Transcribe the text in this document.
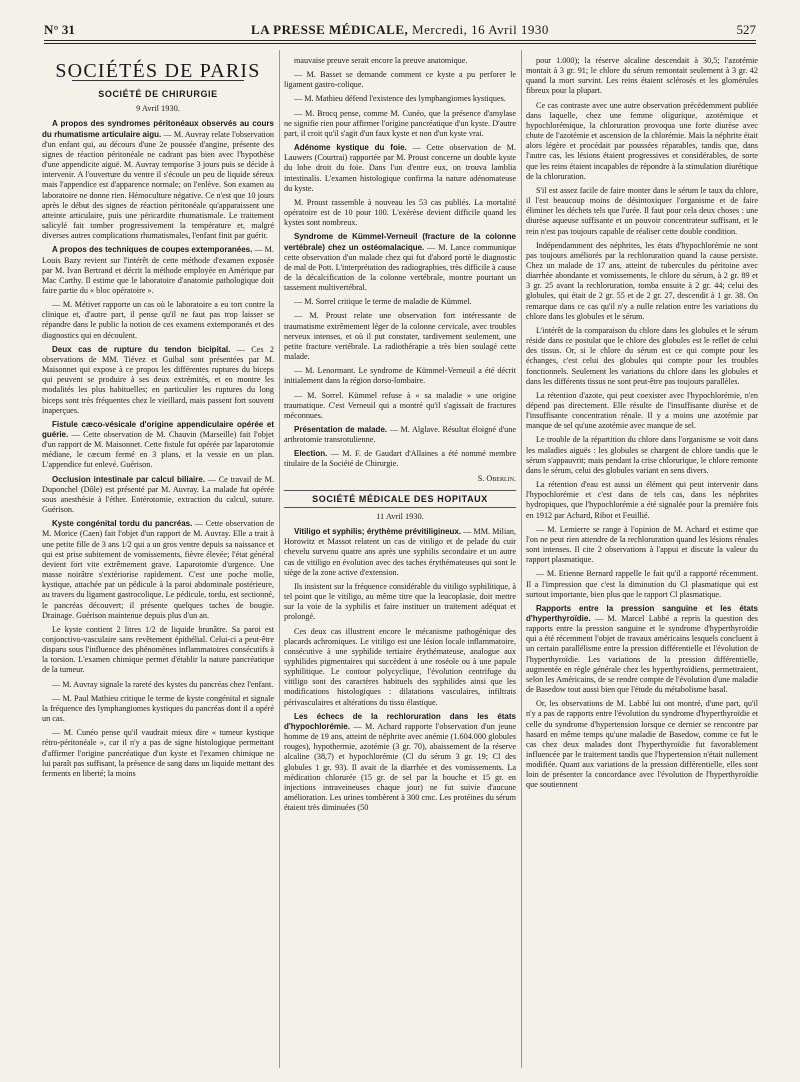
N° 31	LA PRESSE MÉDICALE, Mercredi, 16 Avril 1930	527
SOCIÉTÉS DE PARIS
SOCIÉTÉ DE CHIRURGIE
9 Avril 1930.

A propos des syndromes péritonéaux observés au cours du rhumatisme articulaire aigu. — M. Auvray relate l'observation d'un enfant qui, au décours d'une 2e poussée d'angine, présente des signes de réaction péritonéale ne cadrant pas bien avec l'hypothèse d'une appendicite aiguë. M. Auvray temporise 3 jours puis se décide à intervenir. A l'ouverture du ventre il s'écoule un peu de liquide séreux mais l'appendice est d'apparence normale; on l'enlève. Son examen au laboratoire ne donne rien. Hémoculture négative. Ce n'est que 10 jours après le début des signes de réaction péritonéale qu'apparaissent une atteinte articulaire, puis une péricardite rhumatismale. Le traitement salicylé fait tomber progressivement la température et, malgré diverses autres complications rhumatismales, l'enfant finit par guérir.

A propos des techniques de coupes extemporanées. — M. Louis Bazy revient sur l'intérêt de cette méthode d'examen exposée par M. Ivan Bertrand et décrit la méthode employée en Amérique par Mac Carthy. Il estime que le laboratoire d'anatomie pathologique doit faire partie du « bloc opératoire ».

— M. Métivet rapporte un cas où le laboratoire a eu tort contre la clinique et, d'autre part, il pense qu'il ne faut pas trop laisser se répandre dans le public la notion de ces examens extemporanés et des diagnostics qui en découlent.

Deux cas de rupture du tendon bicipital. — Ces 2 observations de MM. Tiévez et Guibal sont présentées par M. Maisonnet qui expose à ce propos les différentes ruptures du biceps qui peuvent se produire à ses deux extrémités, et en montre les modalités les plus habituelles; en particulier les ruptures du long biceps sont très fréquentes chez le vieillard, mais passent fort souvent inaperçues.

Fistule cæco-vésicale d'origine appendiculaire opérée et guérie. — Cette observation de M. Chauvin (Marseille) fait l'objet d'un rapport de M. Maisonnet. Cette fistule fut opérée par laparotomie médiane, le cæcum fermé en 3 plans, et la vessie en un plan. L'appendice fut enlevé. Guérison.

Occlusion intestinale par calcul biliaire. — Ce travail de M. Duponchel (Dôle) est présenté par M. Auvray. La malade fut opérée sous anesthésie à l'éther. Entérotomie, extraction du calcul, suture. Guérison.

Kyste congénital tordu du pancréas. — Cette observation de M. Morice (Caen) fait l'objet d'un rapport de M. Auvray. Elle a trait à une petite fille de 3 ans 1/2 qui a un gros ventre depuis sa naissance et qui est prise subitement de vomissements, fièvre élevée; l'état général devient fort vite extrêmement grave. Laparotomie d'urgence. Une masse noirâtre s'extériorise rapidement. C'est une poche molle, kystique, attachée par un pédicule à la paroi abdominale postérieure, au travers du ligament gastrocolique. Le pédicule, tordu, est sectionné, le pancréas découvert; il présente quelques taches de bougie. Drainage. Guérison maintenue depuis plus d'un an.

Le kyste contient 2 litres 1/2 de liquide brunâtre. Sa paroi est conjonctivo-vasculaire sans revêtement épithélial. Celui-ci a peut-être disparu sous l'influence des phénomènes inflammatoires consécutifs à la torsion. L'examen chimique permet d'établir la nature pancréatique de la tumeur.

— M. Auvray signale la rareté des kystes du pancréas chez l'enfant.

— M. Paul Mathieu critique le terme de kyste congénital et signale la fréquence des lymphangiomes kystiques du pancréas dont il a opéré un cas.

— M. Cunéo pense qu'il vaudrait mieux dire « tumeur kystique rétro-péritonéale », car il n'y a pas de signe histologique permettant d'affirmer l'origine pancréatique d'un kyste et l'examen chimique ne lui paraît pas suffisant, la présence de sang dans un liquide mettant des ferments en liberté; la moins

mauvaise preuve serait encore la preuve anatomique.

— M. Basset se demande comment ce kyste a pu perforer le ligament gastro-colique.

— M. Mathieu défend l'existence des lymphangiomes kystiques.

— M. Brocq pense, comme M. Cunéo, que la présence d'amylase ne signifie rien pour affirmer l'origine pancréatique d'un kyste. D'autre part, il croit qu'il s'agit d'un faux kyste et non d'un kyste vrai.

Adénome kystique du foie. — Cette observation de M. Lauwers (Courtrai) rapportée par M. Proust concerne un double kyste du lobe droit du foie. Dans l'un d'entre eux, on trouva lamblia intestinalis. L'examen histologique confirma la nature adénomateuse du kyste.

M. Proust rassemble à nouveau les 53 cas publiés. La mortalité opératoire est de 10 pour 100. L'exérèse devient difficile quand les kystes sont nombreux.

Syndrome de Kümmel-Verneuil (fracture de la colonne vertébrale) chez un ostéomalacique. — M. Lance communique cette observation d'un malade chez qui fut d'abord porté le diagnostic de mal de Pott. L'interprétation des radiographies, très difficile à cause de la décalcification de la colonne vertébrale, montre pourtant un tassement multivertébral.

— M. Sorrel critique le terme de maladie de Kümmel.

— M. Proust relate une observation fort intéressante de traumatisme extrêmement léger de la colonne cervicale, avec troubles nerveux intenses, et où il put constater, tardivement seulement, une petite fracture vertébrale. La radiothérapie a très bien soulagé cette malade.

— M. Lenormant. Le syndrome de Kümmel-Verneuil a été décrit initialement dans la région dorso-lombaire.

— M. Sorrel. Kümmel refuse à « sa maladie » une origine traumatique. C'est Verneuil qui a montré qu'il s'agissait de fractures méconnues.

Présentation de malade. — M. Alglave. Résultat éloigné d'une arthrotomie transrotulienne.

Election. — M. F. de Gaudart d'Allaines a été nommé membre titulaire de la Société de Chirurgie.

S. Oberlin.
SOCIÉTÉ MÉDICALE DES HOPITAUX
11 Avril 1930.

Vitiligo et syphilis; érythème prévitiligineux. — MM. Milian, Horowitz et Massot relatent un cas de vitiligo et de pelade du cuir chevelu survenu quatre ans après une syphilis secondaire et un autre cas de vitiligo en évolution avec des taches érythémateuses qui sont le siège de la zone active d'extension.

Ils insistent sur la fréquence considérable du vitiligo syphilitique, à tel point que le vitiligo, au même titre que la leucoplasie, doit mettre sur la voie de la syphilis et faire instituer un traitement adéquat et prolongé.

Ces deux cas illustrent encore le mécanisme pathogénique des placards achromiques. Le vitiligo est une lésion locale inflammatoire, consécutive à une syphilide tertiaire érythémateuse, analogue aux syphilides pigmentaires qui succèdent à une roséole ou à une papule syphilitique. Le contour polycyclique, l'évolution centrifuge du vitiligo sont des caractères habituels des syphilides ainsi que les modifications histologiques : dilatations vasculaires, infiltrats périvasculaires et altérations du tissu élastique.

Les échecs de la rechloruration dans les états d'hypochlorémie. — M. Achard rapporte l'observation d'un jeune homme de 19 ans, atteint de néphrite avec anémie (1.604.000 globules rouges), hypothermie, azotémie (3 gr. 70), abaissement de la réserve alcaline (38,7) et hypochlorémie (Cl du sérum 3 gr. 19; Cl des globules 1 gr. 93). Il avait de la diarrhée et des vomissements. La médication chlorurée (15 gr. de sel par la bouche et 15 gr. en injections intraveineuses chaque jour) ne fut suivie d'aucune amélioration. Les urines tombèrent à 300 cmc. Les protéines du sérum étaient très diminuées (50

pour 1.000); la réserve alcaline descendait à 30,5; l'azotémie montait à 3 gr. 91; le chlore du sérum remontait seulement à 3 gr. 42 quand la mort survint. Les reins étaient sclérosés et les glomérules fibreux pour la plupart.

Ce cas contraste avec une autre observation précédemment publiée dans laquelle, chez une femme oligurique, azotémique et hypochlorémique, la chloruration provoqua une forte diurèse avec chute de l'azotémie et ascension de la chlorémie. Mais la néphrite était alors légère et procédait par poussées réparables, tandis que, dans l'autre cas, les lésions étaient progressives et considérables, de sorte que les reins étaient incapables de répondre à la stimulation diurétique de la chloruration.

S'il est assez facile de faire monter dans le sérum le taux du chlore, il l'est beaucoup moins de désintoxiquer l'organisme et de faire éliminer les déchets tels que l'urée. Il faut pour cela deux choses : une diurèse aqueuse suffisante et un pouvoir concentrateur suffisant, et le rein n'est pas toujours capable de réaliser cette double condition.

Indépendamment des néphrites, les états d'hypochlorémie ne sont pas toujours améliorés par la rechloruration quand la cause persiste. Chez un malade de 17 ans, atteint de tubercules du péritoine avec diarrhée abondante et vomissements, le chlore du sérum, à 2 gr. 89 et 3 gr. 25 avant la rechloruration, tomba ensuite à 2 gr. 44; celui des globules, qui était de 2 gr. 55 et de 2 gr. 27, descendit à 1 gr. 38. On remarque dans ce cas qu'il n'y a nulle relation entre les variations du chlore dans les globules et le sérum.

L'intérêt de la comparaison du chlore dans les globules et le sérum réside dans ce postulat que le chlore des globules est le reflet de celui des tissus. Or, si le chlore du sérum est ce qui compte pour les échanges, c'est celui des globules qui compte pour les troubles fonctionnels. Seulement les variations du chlore dans les globules et dans les différents tissus ne sont peut-être pas toujours parallèles.

La rétention d'azote, qui peut coexister avec l'hypochlorémie, n'en dépend pas directement. Elle résulte de l'insuffisante diurèse et de l'insuffisante concentration rénale. Il y a moins une azotémie par manque de sel qu'une azotémie avec manque de sel.

Le trouble de la répartition du chlore dans l'organisme se voit dans les maladies aiguës : les globules se chargent de chlore tandis que le sérum s'appauvrit; mais pendant la crise chlorurique, le chlore remonte dans le sérum, celui des globules variant en sens divers.

La rétention d'eau est aussi un élément qui peut intervenir dans l'hypochlorémie et c'est dans de tels cas, dans les néphrites hydropiques, que l'hypochlorémie a été signalée pour la première fois en 1912 par Achard, Ribot et Feuillié.

— M. Lemierre se range à l'opinion de M. Achard et estime que l'on ne peut rien attendre de la rechloruration quand les lésions rénales sont intenses. Il cite 2 observations à l'appui et discute la valeur du rapport plasmatique.

— M. Etienne Bernard rappelle le fait qu'il a rapporté récemment. Il a l'impression que c'est la diminution du Cl plasmatique qui est surtout importante, bien plus que le rapport Cl plasmatique.

Rapports entre la pression sanguine et les états d'hyperthyroïdie. — M. Marcel Labbé a repris la question des rapports entre la pression sanguine et le syndrome d'hyperthyroïdie qui a été récemment l'objet de travaux américains lesquels concluent à un certain parallélisme entre la pression différentielle et l'évolution de l'hyperthyroïdie. Les variations de la pression différentielle, augmentée en règle générale chez les hyperthyroïdiens, permettraient, selon les Américains, de se rendre compte de l'évolution d'une maladie de Basedow tout aussi bien que l'étude du métabolisme basal.

Or, les observations de M. Labbé lui ont montré, d'une part, qu'il n'y a pas de rapports entre l'évolution du syndrome d'hyperthyroïdie et celle du syndrome d'hypertension lorsque ce dernier se rencontre par hasard en même temps qu'une maladie de Basedow, comme ce fut le cas chez deux malades dont l'hyperthyroïdie fut favorablement influencée par le traitement tandis que l'hypertension n'était nullement modifiée. Quant aux variations de la pression différentielle, elles sont loin de présenter la concordance avec l'évolution de l'hyperthyroïdie que soutiennent
